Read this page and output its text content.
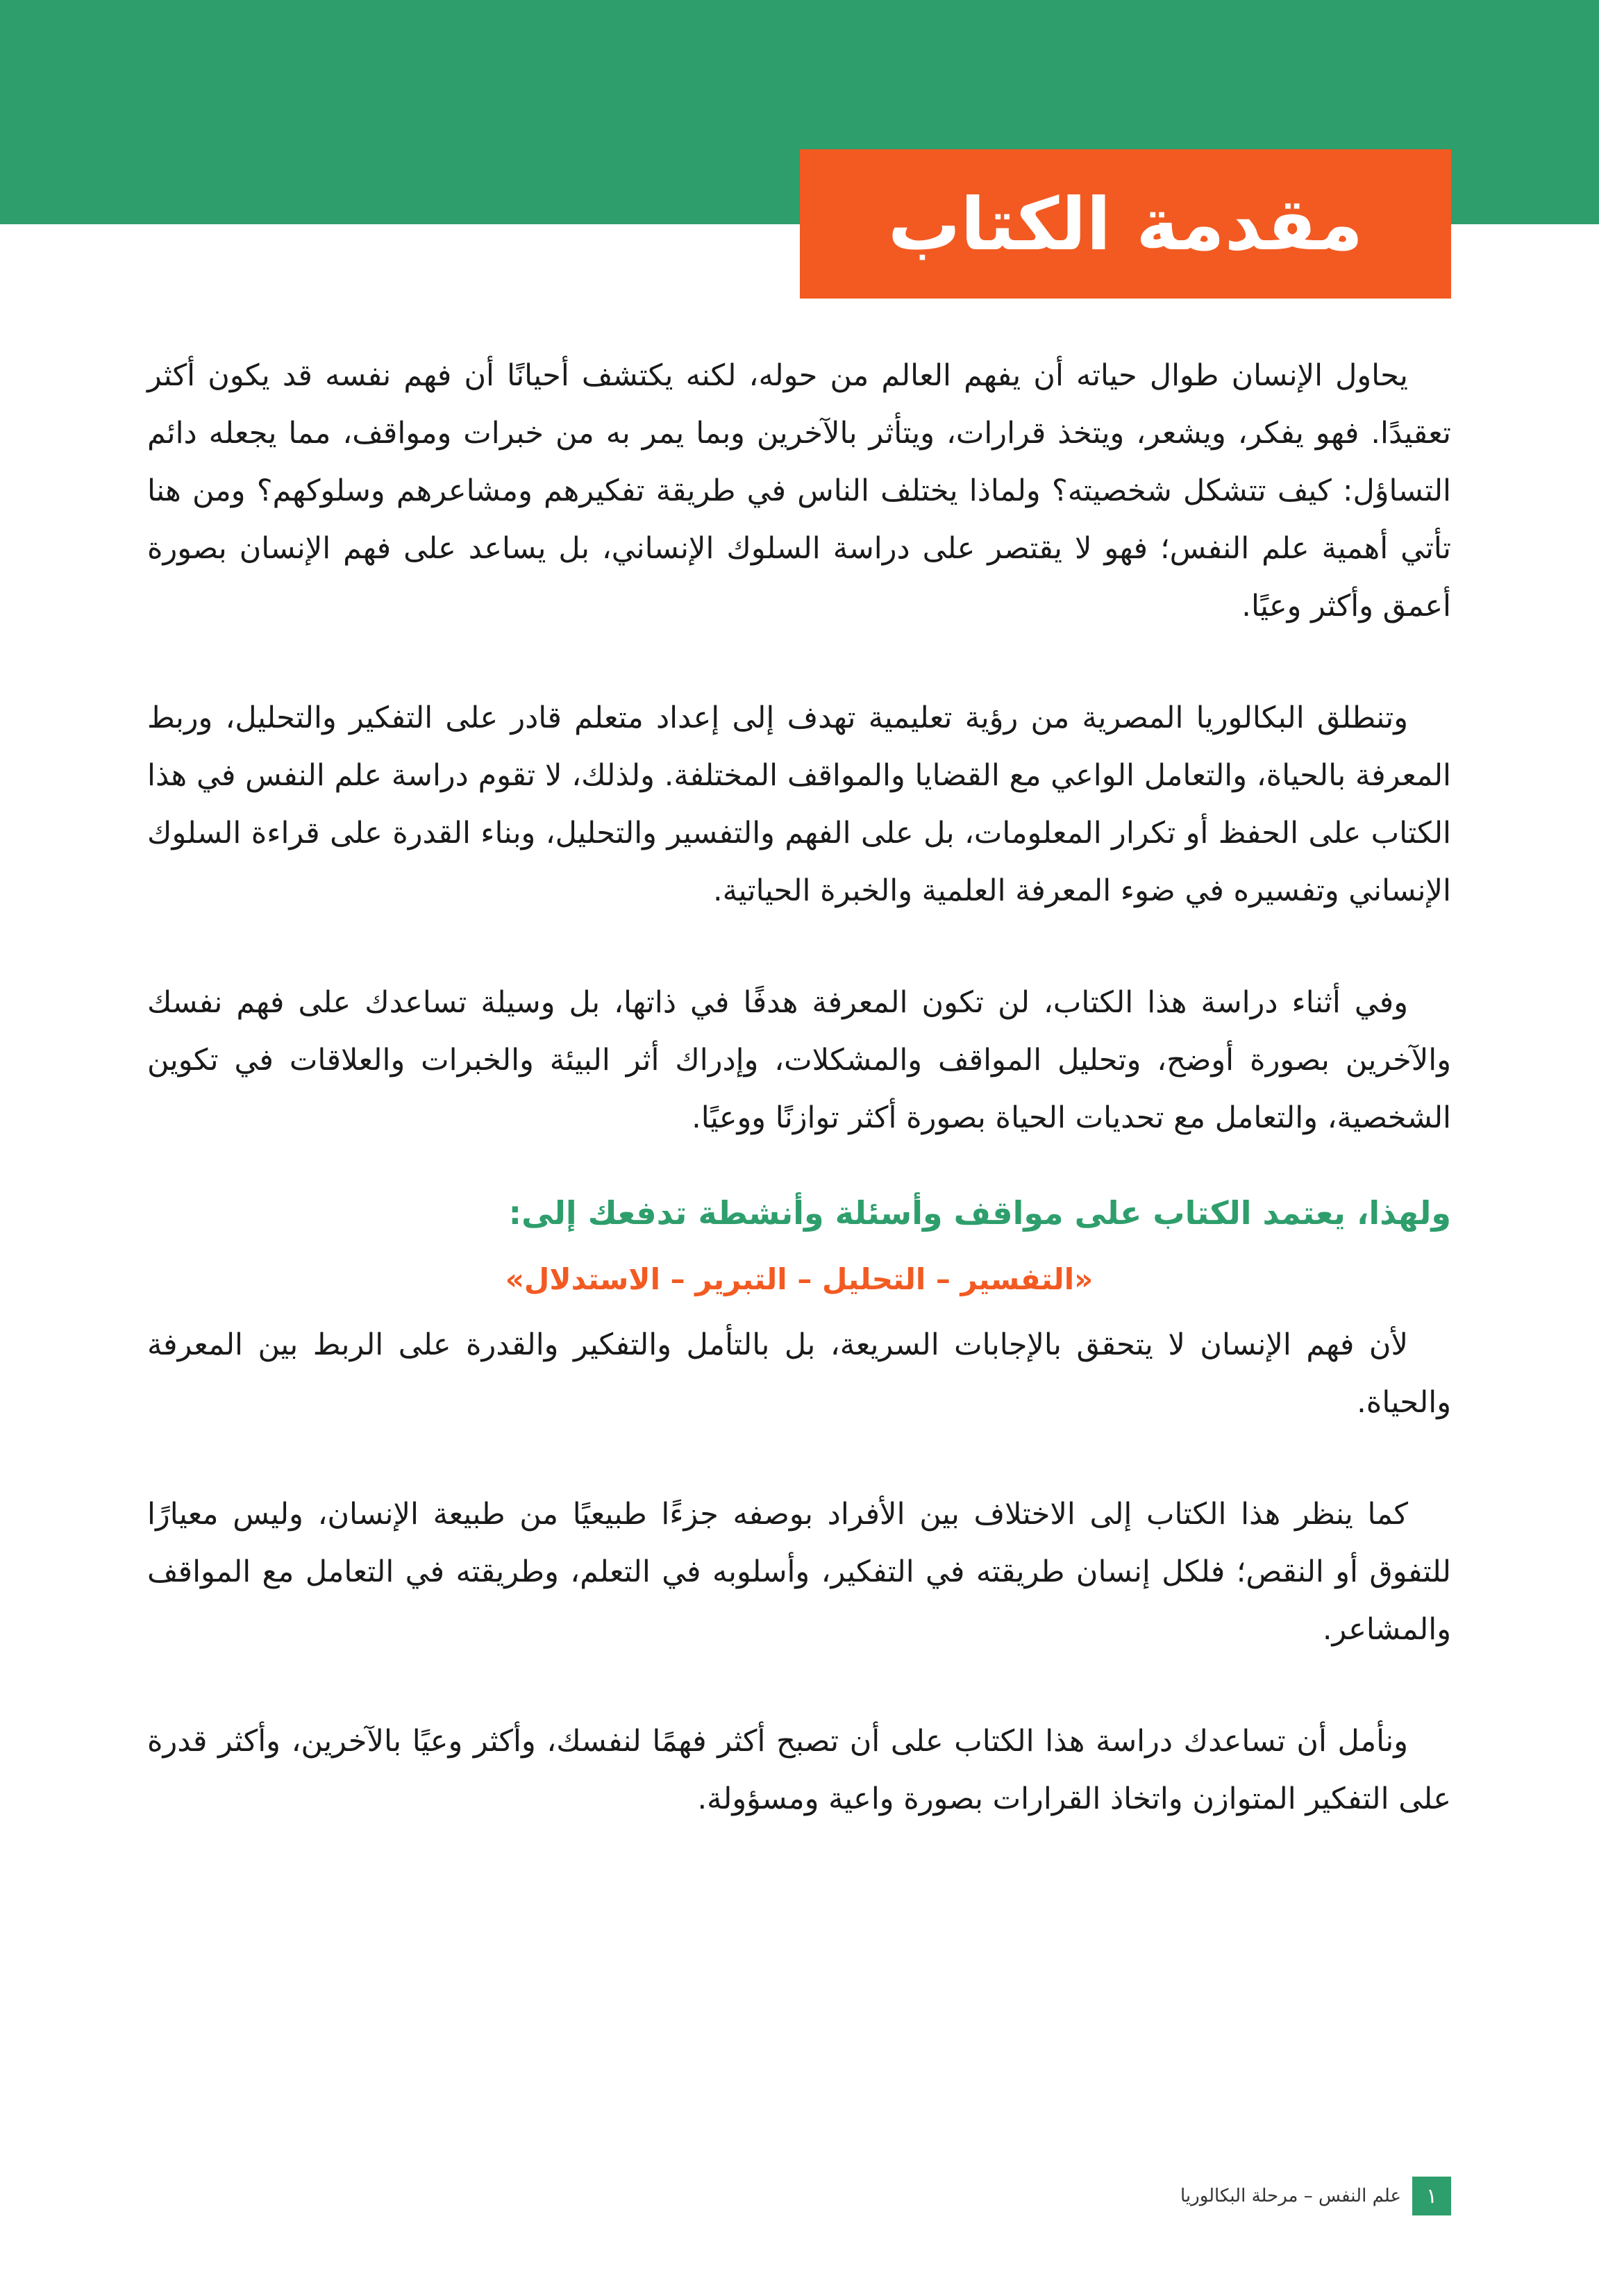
مقدمة الكتاب

يحاول الإنسان طوال حياته أن يفهم العالم من حوله، لكنه يكتشف أحيانًا أن فهم نفسه قد يكون أكثر تعقيدًا. فهو يفكر، ويشعر، ويتخذ قرارات، ويتأثر بالآخرين وبما يمر به من خبرات ومواقف، مما يجعله دائم التساؤل: كيف تتشكل شخصيته؟ ولماذا يختلف الناس في طريقة تفكيرهم ومشاعرهم وسلوكهم؟ ومن هنا تأتي أهمية علم النفس؛ فهو لا يقتصر على دراسة السلوك الإنساني، بل يساعد على فهم الإنسان بصورة أعمق وأكثر وعيًا.

وتنطلق البكالوريا المصرية من رؤية تعليمية تهدف إلى إعداد متعلم قادر على التفكير والتحليل، وربط المعرفة بالحياة، والتعامل الواعي مع القضايا والمواقف المختلفة. ولذلك، لا تقوم دراسة علم النفس في هذا الكتاب على الحفظ أو تكرار المعلومات، بل على الفهم والتفسير والتحليل، وبناء القدرة على قراءة السلوك الإنساني وتفسيره في ضوء المعرفة العلمية والخبرة الحياتية.

وفي أثناء دراسة هذا الكتاب، لن تكون المعرفة هدفًا في ذاتها، بل وسيلة تساعدك على فهم نفسك والآخرين بصورة أوضح، وتحليل المواقف والمشكلات، وإدراك أثر البيئة والخبرات والعلاقات في تكوين الشخصية، والتعامل مع تحديات الحياة بصورة أكثر توازنًا ووعيًا.

ولهذا، يعتمد الكتاب على مواقف وأسئلة وأنشطة تدفعك إلى:
«التفسير – التحليل – التبرير – الاستدلال»

لأن فهم الإنسان لا يتحقق بالإجابات السريعة، بل بالتأمل والتفكير والقدرة على الربط بين المعرفة والحياة.

كما ينظر هذا الكتاب إلى الاختلاف بين الأفراد بوصفه جزءًا طبيعيًا من طبيعة الإنسان، وليس معيارًا للتفوق أو النقص؛ فلكل إنسان طريقته في التفكير، وأسلوبه في التعلم، وطريقته في التعامل مع المواقف والمشاعر.

ونأمل أن تساعدك دراسة هذا الكتاب على أن تصبح أكثر فهمًا لنفسك، وأكثر وعيًا بالآخرين، وأكثر قدرة على التفكير المتوازن واتخاذ القرارات بصورة واعية ومسؤولة.

١
علم النفس – مرحلة البكالوريا
